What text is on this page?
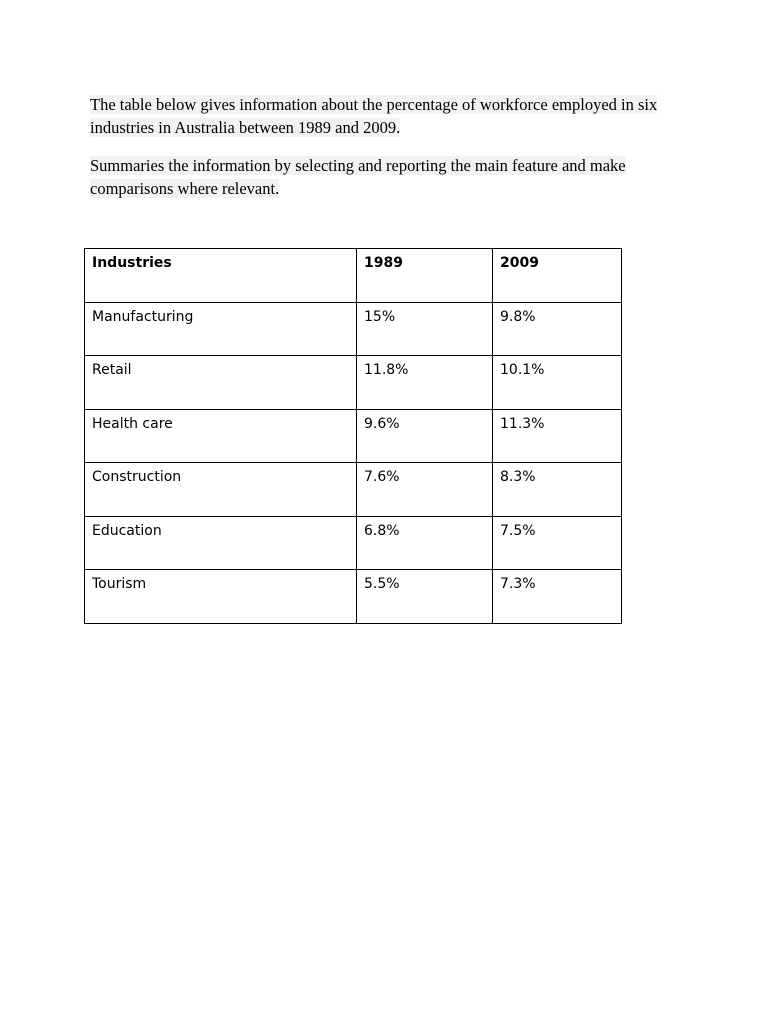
The table below gives information about the percentage of workforce employed in six industries in Australia between 1989 and 2009.
Summaries the information by selecting and reporting the main feature and make comparisons where relevant.
Industries	1989	2009
Manufacturing	15%	9.8%
Retail	11.8%	10.1%
Health care	9.6%	11.3%
Construction	7.6%	8.3%
Education	6.8%	7.5%
Tourism	5.5%	7.3%
